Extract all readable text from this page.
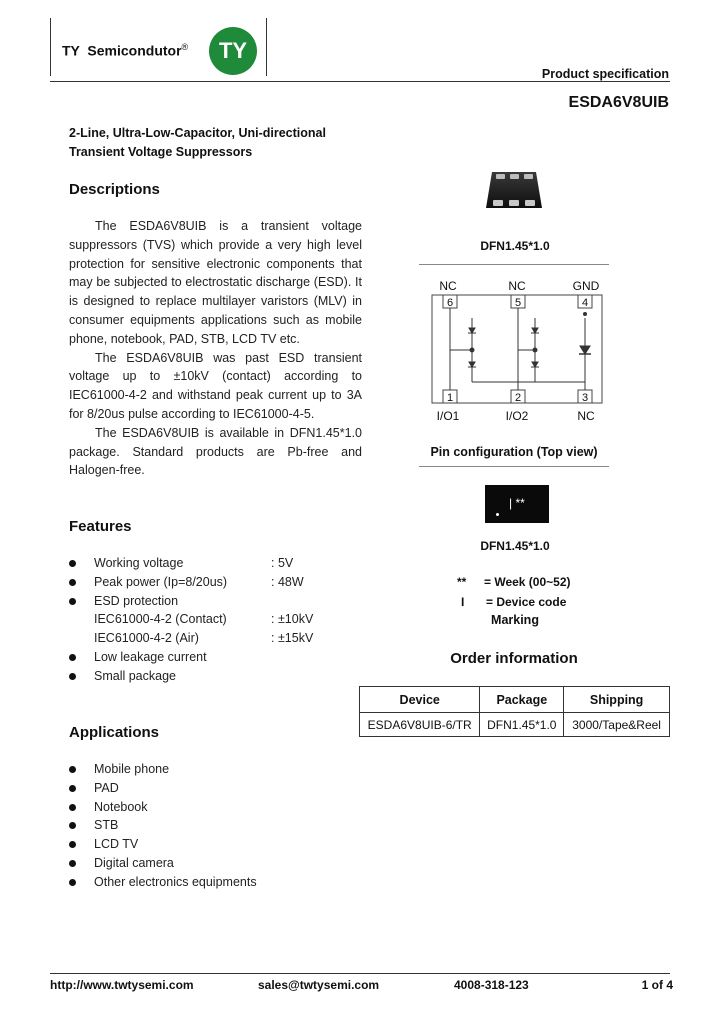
TY  Semicondutor®	TY
Product specification
ESDA6V8UIB
2-Line, Ultra-Low-Capacitor, Uni-directional
Transient Voltage Suppressors
Descriptions
The ESDA6V8UIB is a transient voltage suppressors (TVS) which provide a very high level protection for sensitive electronic components that may be subjected to electrostatic discharge (ESD). It is designed to replace multilayer varistors (MLV) in consumer equipments applications such as mobile phone, notebook, PAD, STB, LCD TV etc.
The ESDA6V8UIB was past ESD transient voltage up to ±10kV (contact) according to IEC61000-4-2 and withstand peak current up to 3A for 8/20us pulse according to IEC61000-4-5.
The ESDA6V8UIB is available in DFN1.45*1.0 package. Standard products are Pb-free and Halogen-free.
Features
Working voltage	: 5V
Peak power (Ip=8/20us)	: 48W
ESD protection
IEC61000-4-2 (Contact)	: ±10kV
IEC61000-4-2 (Air)	: ±15kV
Low leakage current
Small package
Applications
Mobile phone
PAD
Notebook
STB
LCD TV
Digital camera
Other electronics equipments
DFN1.45*1.0
NC	NC	GND
6	5	4
1	2	3
I/O1	I/O2	NC
Pin configuration (Top view)
| **
DFN1.45*1.0
** = Week (00~52)
I = Device code
Marking
Order information
Device	Package	Shipping
ESDA6V8UIB-6/TR	DFN1.45*1.0	3000/Tape&Reel
http://www.twtysemi.com	sales@twtysemi.com	4008-318-123	1 of 4
